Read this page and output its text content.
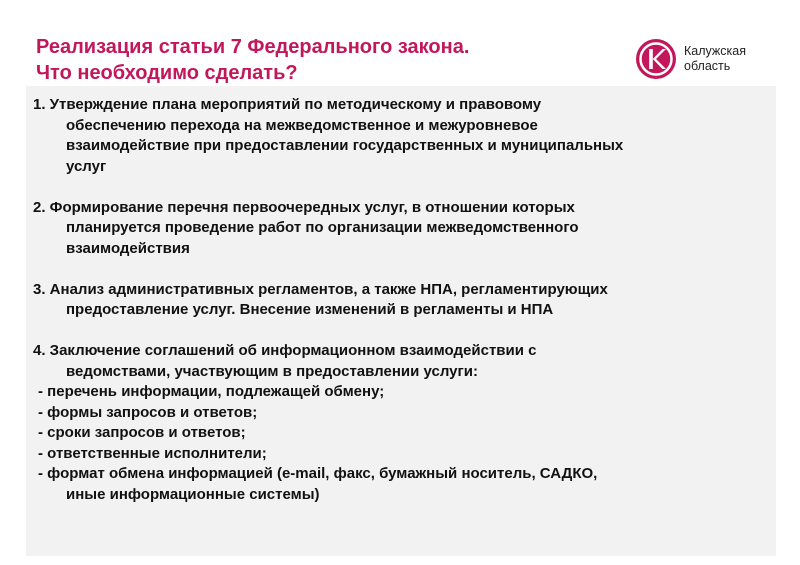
Реализация статьи 7 Федерального закона.
Что необходимо сделать?
Калужская
область
1. Утверждение плана мероприятий по методическому и правовому
обеспечению перехода на межведомственное и межуровневое
взаимодействие при предоставлении государственных и муниципальных
услуг
2. Формирование перечня первоочередных услуг, в отношении которых
планируется проведение работ по организации межведомственного
взаимодействия
3. Анализ административных регламентов, а также НПА, регламентирующих
предоставление услуг. Внесение изменений в регламенты и НПА
4. Заключение соглашений об информационном взаимодействии с
ведомствами, участвующим в предоставлении услуги:
- перечень информации, подлежащей обмену;
- формы запросов и ответов;
- сроки запросов и ответов;
- ответственные исполнители;
- формат обмена информацией (e-mail, факс, бумажный носитель, САДКО,
иные информационные системы)
